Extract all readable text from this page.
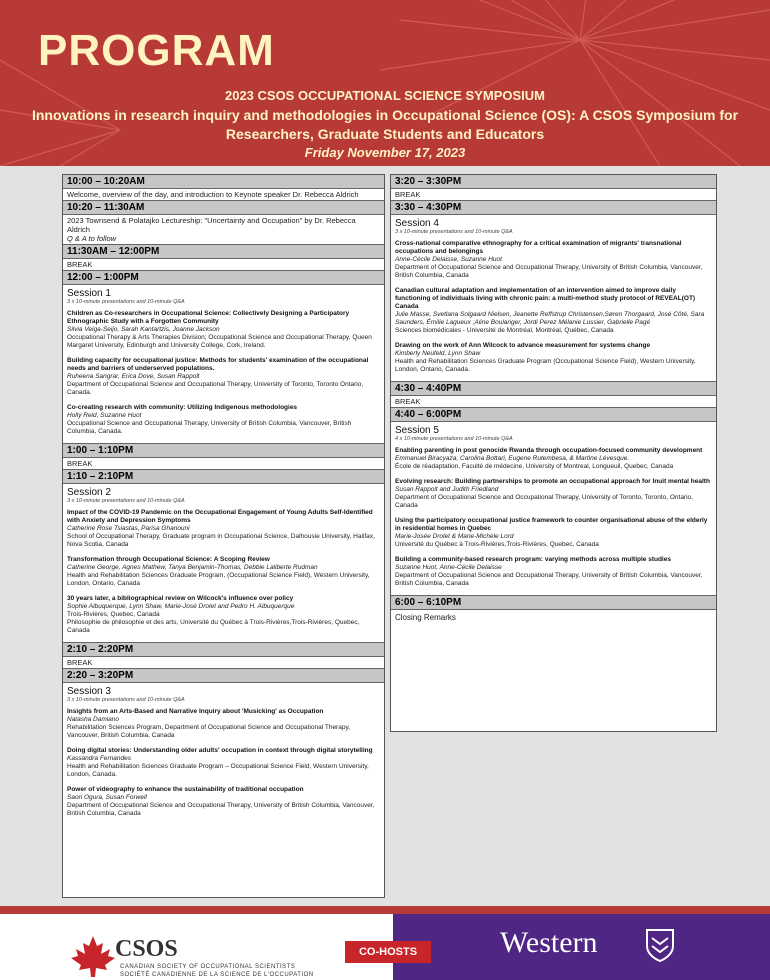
PROGRAM
2023 CSOS OCCUPATIONAL SCIENCE SYMPOSIUM
Innovations in research inquiry and methodologies in Occupational Science (OS): A CSOS Symposium for Researchers, Graduate Students and Educators
Friday November 17, 2023
10:00 – 10:20AM
Welcome, overview of the day, and introduction to Keynote speaker Dr. Rebecca Aldrich
10:20 – 11:30AM
2023 Townsend & Polatajko Lectureship: "Uncertainty and Occupation" by Dr. Rebecca Aldrich
Q & A to follow
11:30AM – 12:00PM
BREAK
12:00 – 1:00PM
Session 1
3 x 10-minute presentations and 10-minute Q&A
Children as Co-researchers in Occupational Science: Collectively Designing a Participatory Ethnographic Study with a Forgotten Community
Silvia Veiga-Seijo, Sarah Kantartzis, Joanne Jackson
Occupational Therapy & Arts Therapies Division; Occupational Science and Occupational Therapy, Queen Margaret University, Edinburgh and University College, Cork, Ireland.
Building capacity for occupational justice: Methods for students' examination of the occupational needs and barriers of underserved populations.
Ruheena Sangrar, Erica Dove, Susan Rappolt
Department of Occupational Science and Occupational Therapy, University of Toronto, Toronto Ontario, Canada.
Co-creating research with community: Utilizing Indigenous methodologies
Holly Reid, Suzanne Huot
Occupational Science and Occupational Therapy, University of British Columbia, Vancouver, British Columbia, Canada.
1:00 – 1:10PM
BREAK
1:10 – 2:10PM
Session 2
3 x 10-minute presentations and 10-minute Q&A
Impact of the COVID-19 Pandemic on the Occupational Engagement of Young Adults Self-Identified with Anxiety and Depression Symptoms
Catherine Rose Tsiastas, Parisa Ghanouni
School of Occupational Therapy, Graduate program in Occupational Science, Dalhousie University, Halifax, Nova Scotia, Canada
Transformation through Occupational Science: A Scoping Review
Catherine George, Agnes Mathew, Tanya Benjamin-Thomas, Debbie Laliberte Rudman
Health and Rehabilitation Sciences Graduate Program, (Occupational Science Field), Western University, London, Ontario, Canada
30 years later, a bibliographical review on Wilcock's influence over policy
Sophie Albuquerque, Lynn Shaw, Marie-José Drolet and Pedro H. Albuquerque
Trois-Rivières, Quebec, Canada
Philosophie de philosophie et des arts, Université du Québec à Trois-Rivières,Trois-Rivières, Quebec, Canada
2:10 – 2:20PM
BREAK
2:20 – 3:20PM
Session 3
3 x 10-minute presentations and 10-minute Q&A
Insights from an Arts-Based and Narrative Inquiry about 'Musicking' as Occupation
Natasha Damiano
Rehabilitation Sciences Program, Department of Occupational Science and Occupational Therapy, Vancouver, British Columbia, Canada
Doing digital stories: Understanding older adults' occupation in context through digital storytelling
Kassandra Fernandes
Health and Rehabilitation Sciences Graduate Program – Occupational Science Field, Western University, London, Canada.
Power of videography to enhance the sustainability of traditional occupation
Saori Ogura, Susan Forwell
Department of Occupational Science and Occupational Therapy, University of British Columbia, Vancouver, British Columbia, Canada
3:20 – 3:30PM
BREAK
3:30 – 4:30PM
Session 4
3 x 10-minute presentations and 10-minute Q&A
Cross-national comparative ethnography for a critical examination of migrants' transnational occupations and belongings
Anne-Cécile Delaisse, Suzanne Huot
Department of Occupational Science and Occupational Therapy, University of British Columbia, Vancouver, British Columbia, Canada
Canadian cultural adaptation and implementation of an intervention aimed to improve daily functioning of individuals living with chronic pain: a multi-method study protocol of REVEAL(OT) Canada
Julie Masse, Svetlana Solgaard Nielsen, Jeanette Reffstrup Christensen,Søren Thorgaard, José Côté, Sara Saunders, Émilie Lagueux ;Aline Boulanger, Jordi Perez Mélanie Lussier, Gabrielle Pagé
Sciences biomédicales - Université de Montréal, Montréal, Québec, Canada
Drawing on the work of Ann Wilcock to advance measurement for systems change
Kimberly Neufeld, Lynn Shaw
Health and Rehabilitation Sciences Graduate Program (Occupational Science Field), Western University, London, Ontario, Canada.
4:30 – 4:40PM
BREAK
4:40 – 6:00PM
Session 5
4 x 10-minute presentations and 10-minute Q&A
Enabling parenting in post genocide Rwanda through occupation-focused community development
Emmanuel Biracyaza, Carolina Bottari, Eugene Rutembesa, & Martine Lévesque.
École de réadaptation, Faculté de médecine, University of Montreal, Longueuil, Quebec, Canada
Evolving research: Building partnerships to promote an occupational approach for Inuit mental health
Susan Rappolt and Judith Friedland
Department of Occupational Science and Occupational Therapy, University of Toronto, Toronto, Ontario, Canada
Using the participatory occupational justice framework to counter organisational abuse of the elderly in residential homes in Quebec
Marie-Josée Drolet & Marie-Michèle Lord
Université du Québec à Trois-Rivières,Trois-Rivières, Quebec, Canada
Building a community-based research program: varying methods across multiple studies
Suzanne Huot, Anne-Cécile Delaisse
Department of Occupational Science and Occupational Therapy, University of British Columbia, Vancouver, British Columbia, Canada
6:00 – 6:10PM
Closing Remarks
CSOS
CANADIAN SOCIETY OF OCCUPATIONAL SCIENTISTS
SOCIÉTÉ CANADIENNE DE LA SCIENCE DE L'OCCUPATION
Western
CO-HOSTS
